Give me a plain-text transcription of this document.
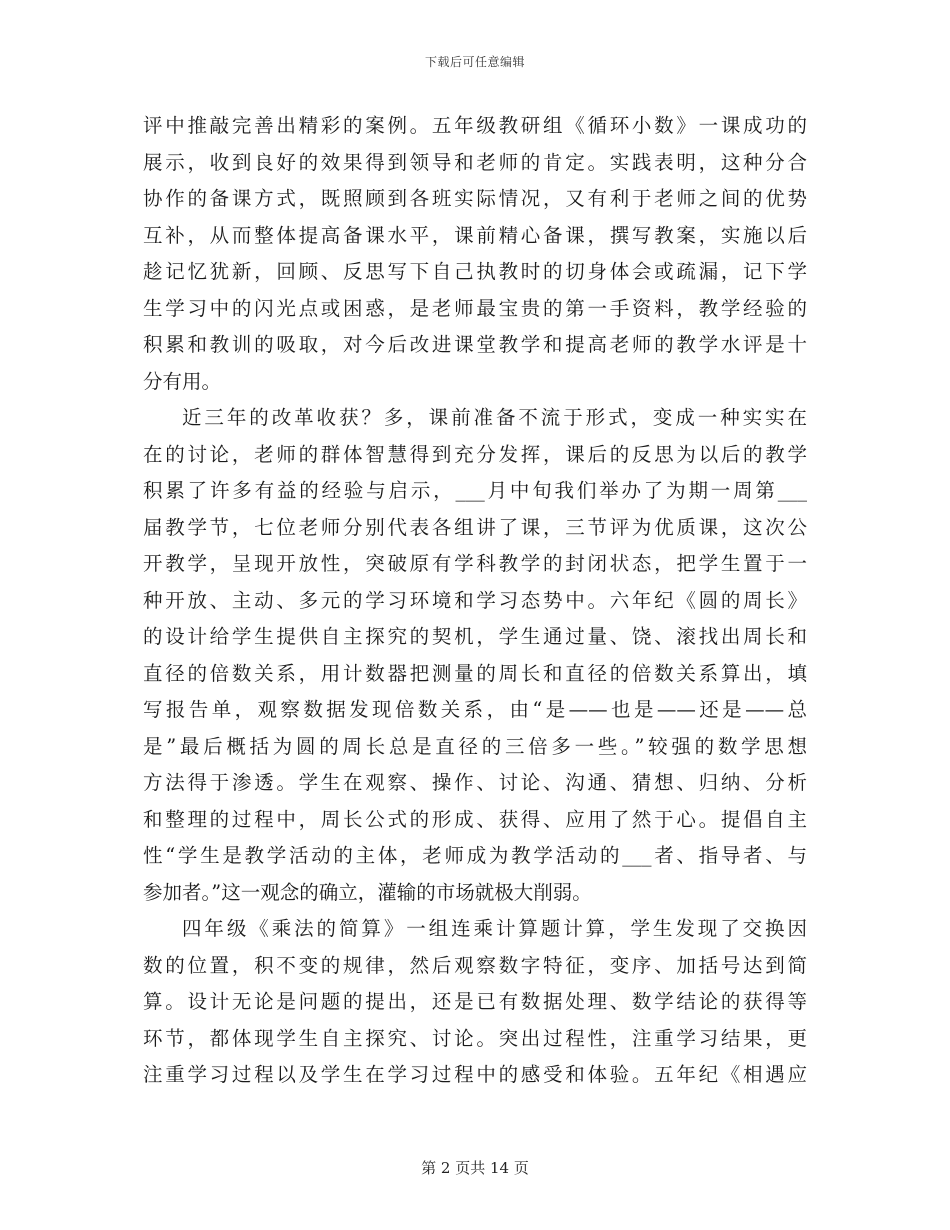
下载后可任意编辑
评中推敲完善出精彩的案例。五年级教研组《循环小数》一课成功的
展示，收到良好的效果得到领导和老师的肯定。实践表明，这种分合
协作的备课方式，既照顾到各班实际情况，又有利于老师之间的优势
互补，从而整体提高备课水平，课前精心备课，撰写教案，实施以后
趁记忆犹新，回顾、反思写下自己执教时的切身体会或疏漏，记下学
生学习中的闪光点或困惑，是老师最宝贵的第一手资料，教学经验的
积累和教训的吸取，对今后改进课堂教学和提高老师的教学水评是十
分有用。
近三年的改革收获？多，课前准备不流于形式，变成一种实实在
在的讨论，老师的群体智慧得到充分发挥，课后的反思为以后的教学
积累了许多有益的经验与启示，___月中旬我们举办了为期一周第___
届教学节，七位老师分别代表各组讲了课，三节评为优质课，这次公
开教学，呈现开放性，突破原有学科教学的封闭状态，把学生置于一
种开放、主动、多元的学习环境和学习态势中。六年纪《圆的周长》
的设计给学生提供自主探究的契机，学生通过量、饶、滚找出周长和
直径的倍数关系，用计数器把测量的周长和直径的倍数关系算出，填
写报告单，观察数据发现倍数关系，由“是——也是——还是——总
是”最后概括为圆的周长总是直径的三倍多一些。”较强的数学思想
方法得于渗透。学生在观察、操作、讨论、沟通、猜想、归纳、分析
和整理的过程中，周长公式的形成、获得、应用了然于心。提倡自主
性“学生是教学活动的主体，老师成为教学活动的___者、指导者、与
参加者。”这一观念的确立，灌输的市场就极大削弱。
四年级《乘法的简算》一组连乘计算题计算，学生发现了交换因
数的位置，积不变的规律，然后观察数字特征，变序、加括号达到简
算。设计无论是问题的提出，还是已有数据处理、数学结论的获得等
环节，都体现学生自主探究、讨论。突出过程性，注重学习结果，更
注重学习过程以及学生在学习过程中的感受和体验。五年纪《相遇应
第 2 页共 14 页
